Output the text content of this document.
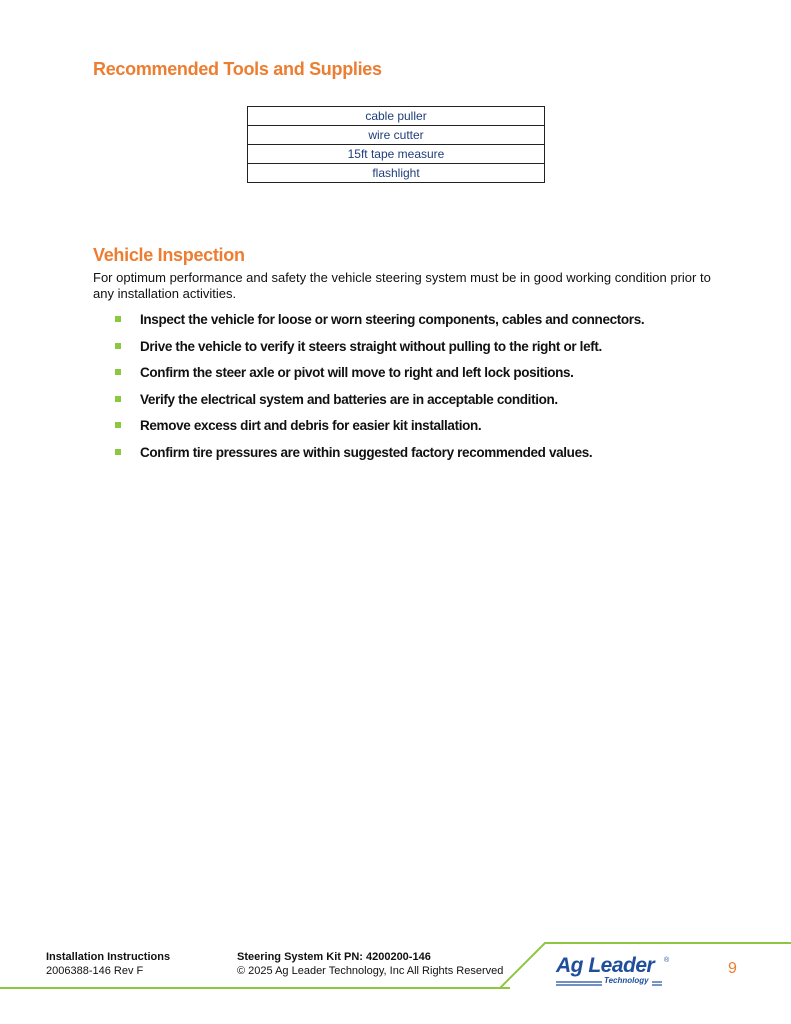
Recommended Tools and Supplies
cable puller
wire cutter
15ft tape measure
flashlight
Vehicle Inspection

For optimum performance and safety the vehicle steering system must be in good working condition prior to any installation activities.

Inspect the vehicle for loose or worn steering components, cables and connectors.
Drive the vehicle to verify it steers straight without pulling to the right or left.
Confirm the steer axle or pivot will move to right and left lock positions.
Verify the electrical system and batteries are in acceptable condition.
Remove excess dirt and debris for easier kit installation.
Confirm tire pressures are within suggested factory recommended values.

Installation Instructions

2006388-146 Rev F

Steering System Kit PN: 4200200-146

© 2025 Ag Leader Technology, Inc All Rights Reserved	Ag Leader ®

Technology

9
